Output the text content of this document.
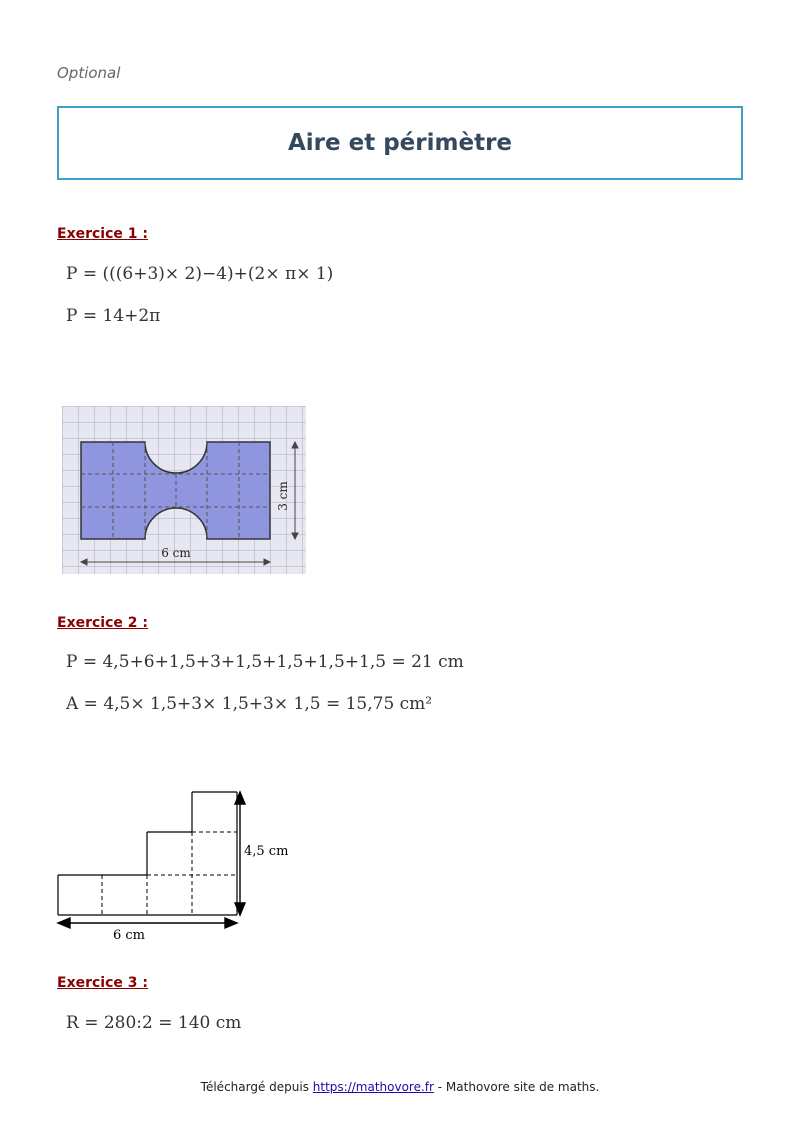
Optional
Aire et périmètre
Exercice 1 :
P = (((6+3)× 2)−4)+(2× π× 1)
P = 14+2π
3 cm
6 cm
Exercice 2 :
P = 4,5+6+1,5+3+1,5+1,5+1,5+1,5 = 21 cm
A = 4,5× 1,5+3× 1,5+3× 1,5 = 15,75 cm²
4,5 cm
6 cm
Exercice 3 :
R = 280:2 = 140 cm
Téléchargé depuis https://mathovore.fr - Mathovore site de maths.
